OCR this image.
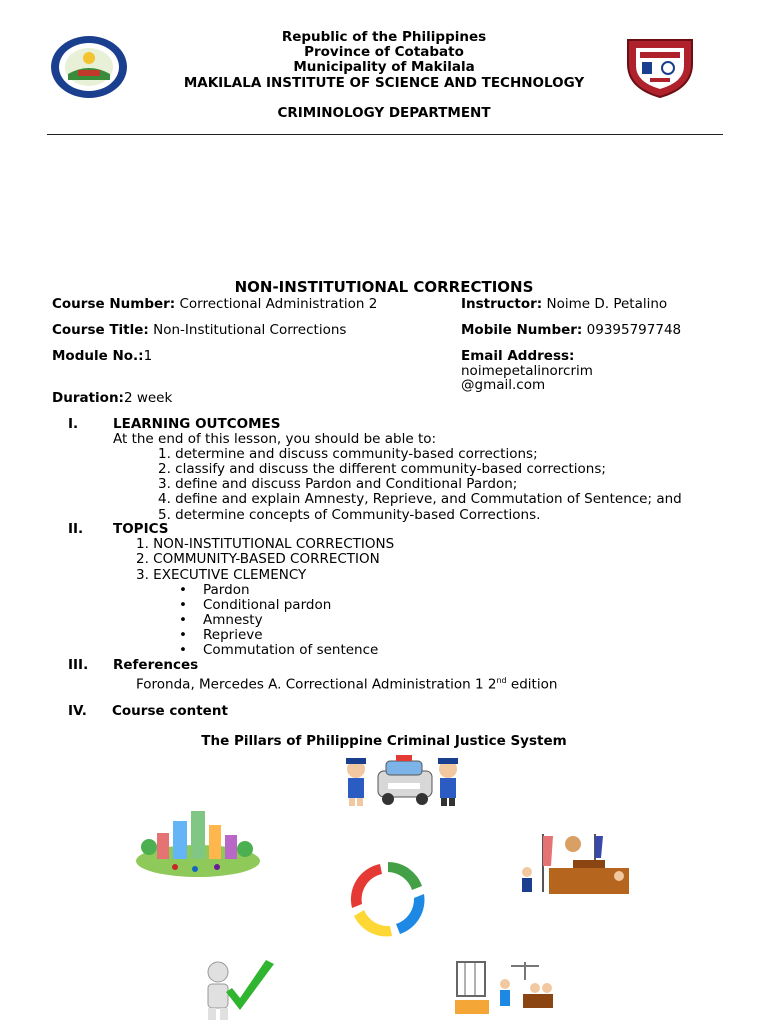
Republic of the Philippines
Province of Cotabato
Municipality of Makilala
MAKILALA INSTITUTE OF SCIENCE AND TECHNOLOGY
CRIMINOLOGY DEPARTMENT
NON-INSTITUTIONAL CORRECTIONS
Course Number: Correctional Administration 2
Course Title: Non-Institutional Corrections
Module No.:1
Duration:2 week
Instructor: Noime D. Petalino
Mobile Number: 09395797748
Email Address:
noimepetalinorcrim
@gmail.com
I.	LEARNING OUTCOMES
At the end of this lesson, you should be able to:
1. determine and discuss community-based corrections;
2. classify and discuss the different community-based corrections;
3. define and discuss Pardon and Conditional Pardon;
4. define and explain Amnesty, Reprieve, and Commutation of Sentence; and
5. determine concepts of Community-based Corrections.
II. TOPICS
1. NON-INSTITUTIONAL CORRECTIONS
2. COMMUNITY-BASED CORRECTION
3. EXECUTIVE CLEMENCY
• Pardon
• Conditional pardon
• Amnesty
• Reprieve
• Commutation of sentence
III. References
Foronda, Mercedes A. Correctional Administration 1 2nd edition
IV. Course content
The Pillars of Philippine Criminal Justice System
